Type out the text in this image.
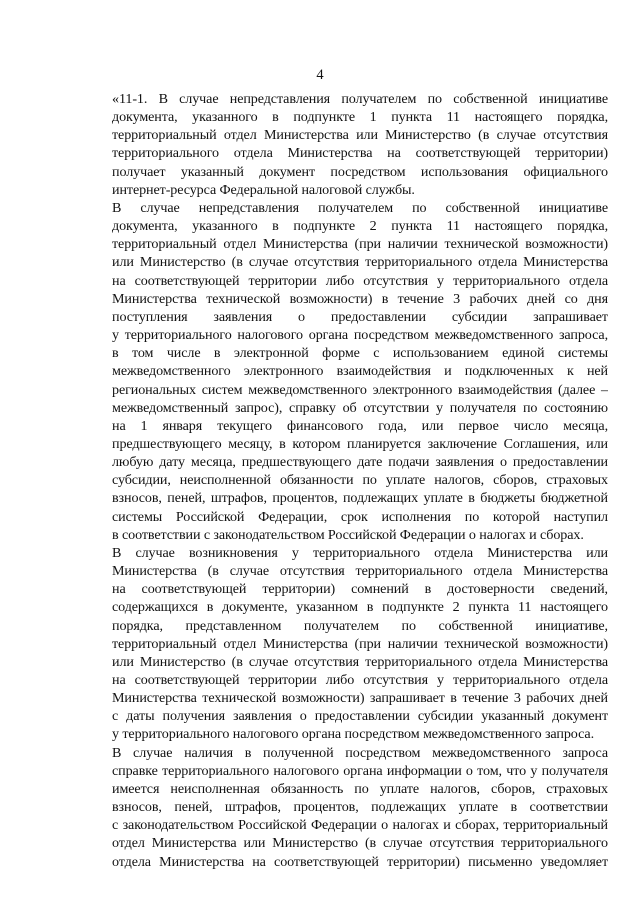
4
«11-1. В случае непредставления получателем по собственной инициативе
документа, указанного в подпункте 1 пункта 11 настоящего порядка,
территориальный отдел Министерства или Министерство (в случае отсутствия
территориального отдела Министерства на соответствующей территории)
получает указанный документ посредством использования официального
интернет-ресурса Федеральной налоговой службы.
В случае непредставления получателем по собственной инициативе
документа, указанного в подпункте 2 пункта 11 настоящего порядка,
территориальный отдел Министерства (при наличии технической возможности)
или Министерство (в случае отсутствия территориального отдела Министерства
на соответствующей территории либо отсутствия у территориального отдела
Министерства технической возможности) в течение 3 рабочих дней со дня
поступления заявления о предоставлении субсидии запрашивает
у территориального налогового органа посредством межведомственного запроса,
в том числе в электронной форме с использованием единой системы
межведомственного электронного взаимодействия и подключенных к ней
региональных систем межведомственного электронного взаимодействия (далее –
межведомственный запрос), справку об отсутствии у получателя по состоянию
на 1 января текущего финансового года, или первое число месяца,
предшествующего месяцу, в котором планируется заключение Соглашения, или
любую дату месяца, предшествующего дате подачи заявления о предоставлении
субсидии, неисполненной обязанности по уплате налогов, сборов, страховых
взносов, пеней, штрафов, процентов, подлежащих уплате в бюджеты бюджетной
системы Российской Федерации, срок исполнения по которой наступил
в соответствии с законодательством Российской Федерации о налогах и сборах.
В случае возникновения у территориального отдела Министерства или
Министерства (в случае отсутствия территориального отдела Министерства
на соответствующей территории) сомнений в достоверности сведений,
содержащихся в документе, указанном в подпункте 2 пункта 11 настоящего
порядка, представленном получателем по собственной инициативе,
территориальный отдел Министерства (при наличии технической возможности)
или Министерство (в случае отсутствия территориального отдела Министерства
на соответствующей территории либо отсутствия у территориального отдела
Министерства технической возможности) запрашивает в течение 3 рабочих дней
с даты получения заявления о предоставлении субсидии указанный документ
у территориального налогового органа посредством межведомственного запроса.
В случае наличия в полученной посредством межведомственного запроса
справке территориального налогового органа информации о том, что у получателя
имеется неисполненная обязанность по уплате налогов, сборов, страховых
взносов, пеней, штрафов, процентов, подлежащих уплате в соответствии
с законодательством Российской Федерации о налогах и сборах, территориальный
отдел Министерства или Министерство (в случае отсутствия территориального
отдела Министерства на соответствующей территории) письменно уведомляет
